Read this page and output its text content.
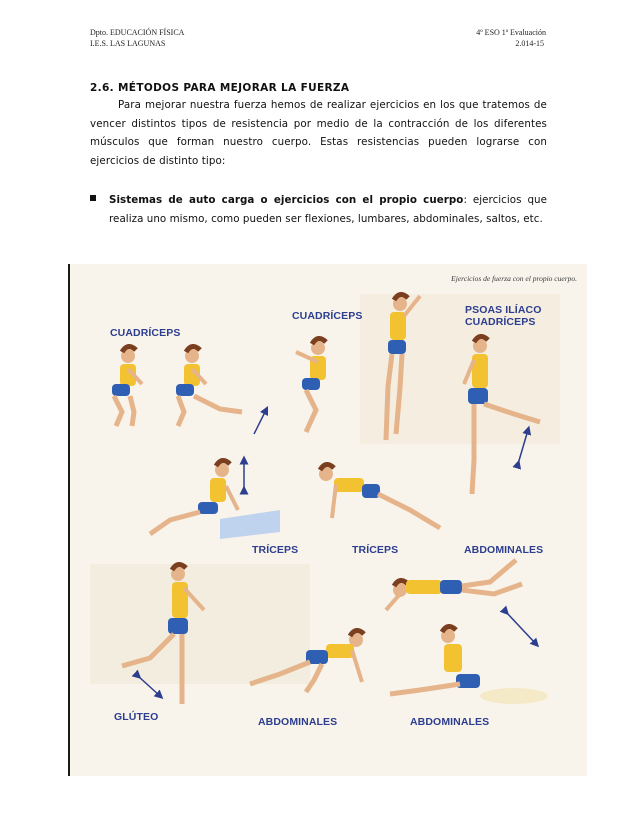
Dpto. EDUCACIÓN FÍSICA
I.E.S. LAS LAGUNAS
4º ESO 1ª Evaluación
2.014-15
2.6. MÉTODOS PARA MEJORAR LA FUERZA
Para mejorar nuestra fuerza hemos de realizar ejercicios en los que tratemos de vencer distintos tipos de resistencia por medio de la contracción de los diferentes músculos que forman nuestro cuerpo. Estas resistencias pueden lograrse con ejercicios de distinto tipo:
Sistemas de auto carga o ejercicios con el propio cuerpo: ejercicios que realiza uno mismo, como pueden ser flexiones, lumbares, abdominales, saltos, etc.
Ejercicios de fuerza con el propio cuerpo.
CUADRÍCEPS
CUADRÍCEPS	PSOAS ILÍACO
CUADRÍCEPS
TRÍCEPS	TRÍCEPS	ABDOMINALES
GLÚTEO	ABDOMINALES	ABDOMINALES
